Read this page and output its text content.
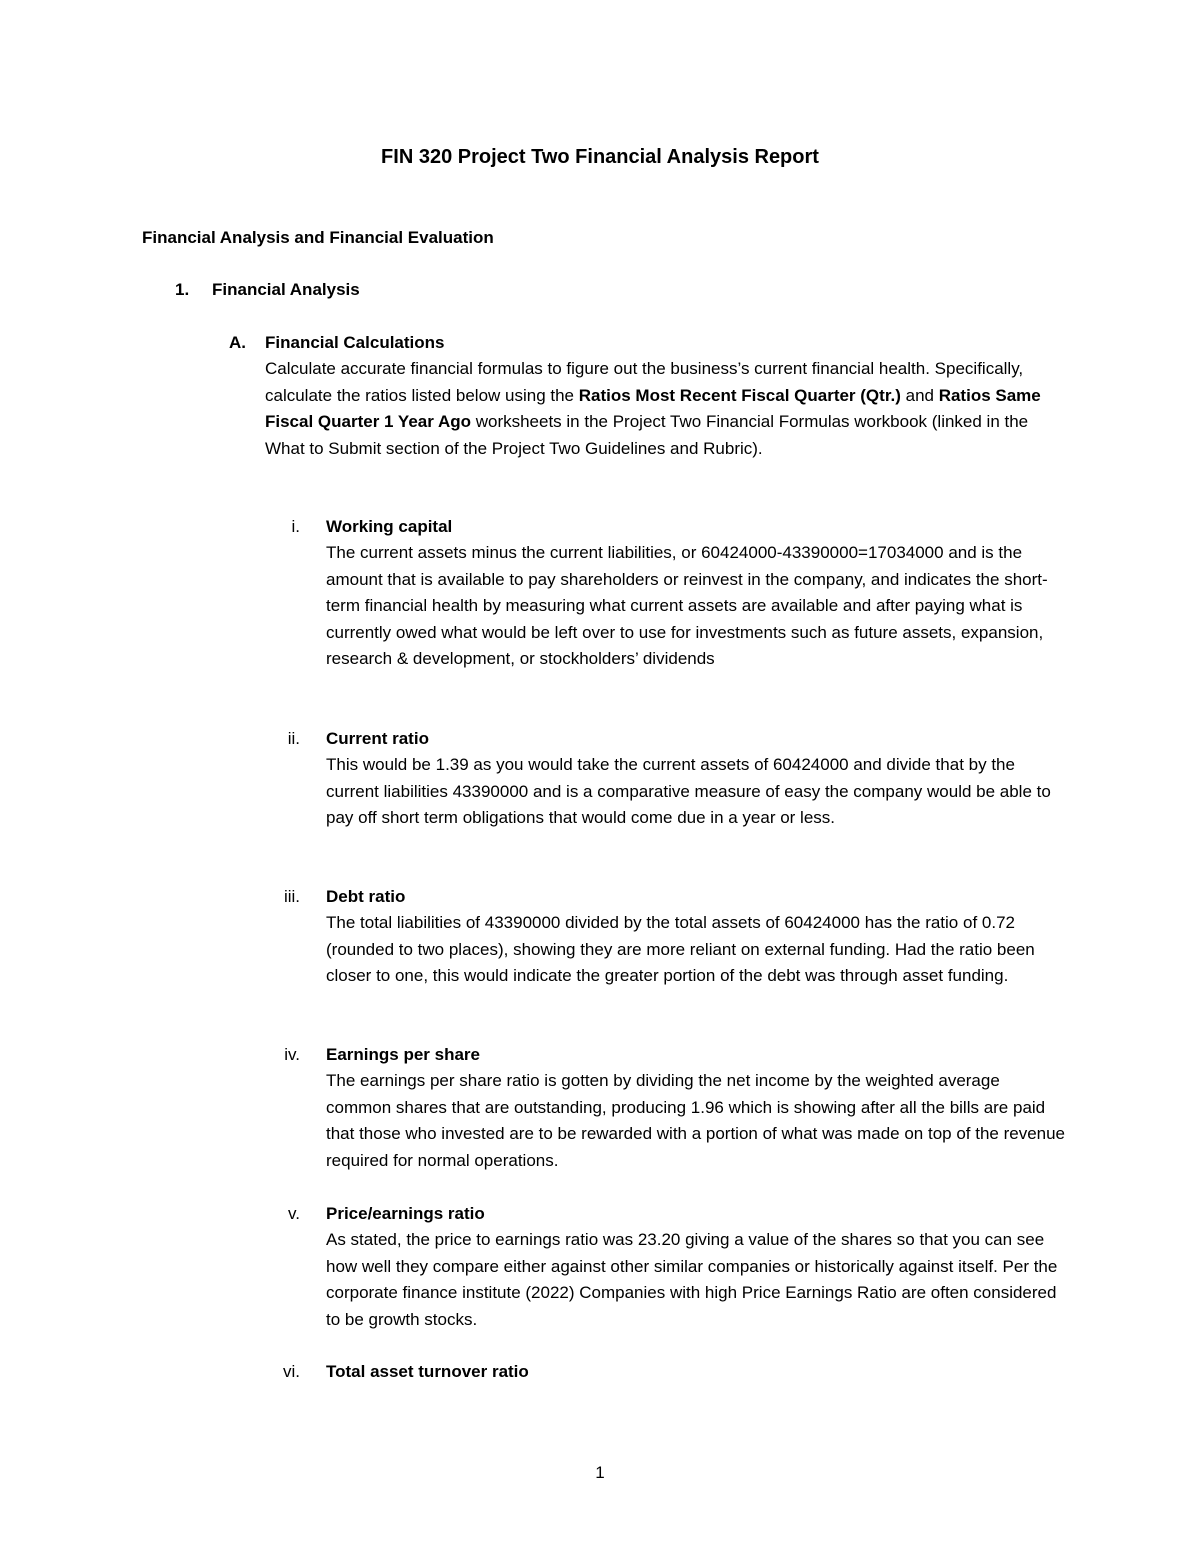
FIN 320 Project Two Financial Analysis Report
Financial Analysis and Financial Evaluation
1. Financial Analysis
A. Financial Calculations

Calculate accurate financial formulas to figure out the business’s current financial health. Specifically, calculate the ratios listed below using the Ratios Most Recent Fiscal Quarter (Qtr.) and Ratios Same Fiscal Quarter 1 Year Ago worksheets in the Project Two Financial Formulas workbook (linked in the What to Submit section of the Project Two Guidelines and Rubric).

i. Working capital

The current assets minus the current liabilities, or 60424000-43390000=17034000 and is the amount that is available to pay shareholders or reinvest in the company, and indicates the short-term financial health by measuring what current assets are available and after paying what is currently owed what would be left over to use for investments such as future assets, expansion, research & development, or stockholders’ dividends

ii. Current ratio

This would be 1.39 as you would take the current assets of 60424000 and divide that by the current liabilities 43390000 and is a comparative measure of easy the company would be able to pay off short term obligations that would come due in a year or less.

iii. Debt ratio

The total liabilities of 43390000 divided by the total assets of 60424000 has the ratio of 0.72 (rounded to two places), showing they are more reliant on external funding. Had the ratio been closer to one, this would indicate the greater portion of the debt was through asset funding.

iv. Earnings per share

The earnings per share ratio is gotten by dividing the net income by the weighted average common shares that are outstanding, producing 1.96 which is showing after all the bills are paid that those who invested are to be rewarded with a portion of what was made on top of the revenue required for normal operations.

v. Price/earnings ratio

As stated, the price to earnings ratio was 23.20 giving a value of the shares so that you can see how well they compare either against other similar companies or historically against itself. Per the corporate finance institute (2022) Companies with high Price Earnings Ratio are often considered to be growth stocks.

vi. Total asset turnover ratio

1
